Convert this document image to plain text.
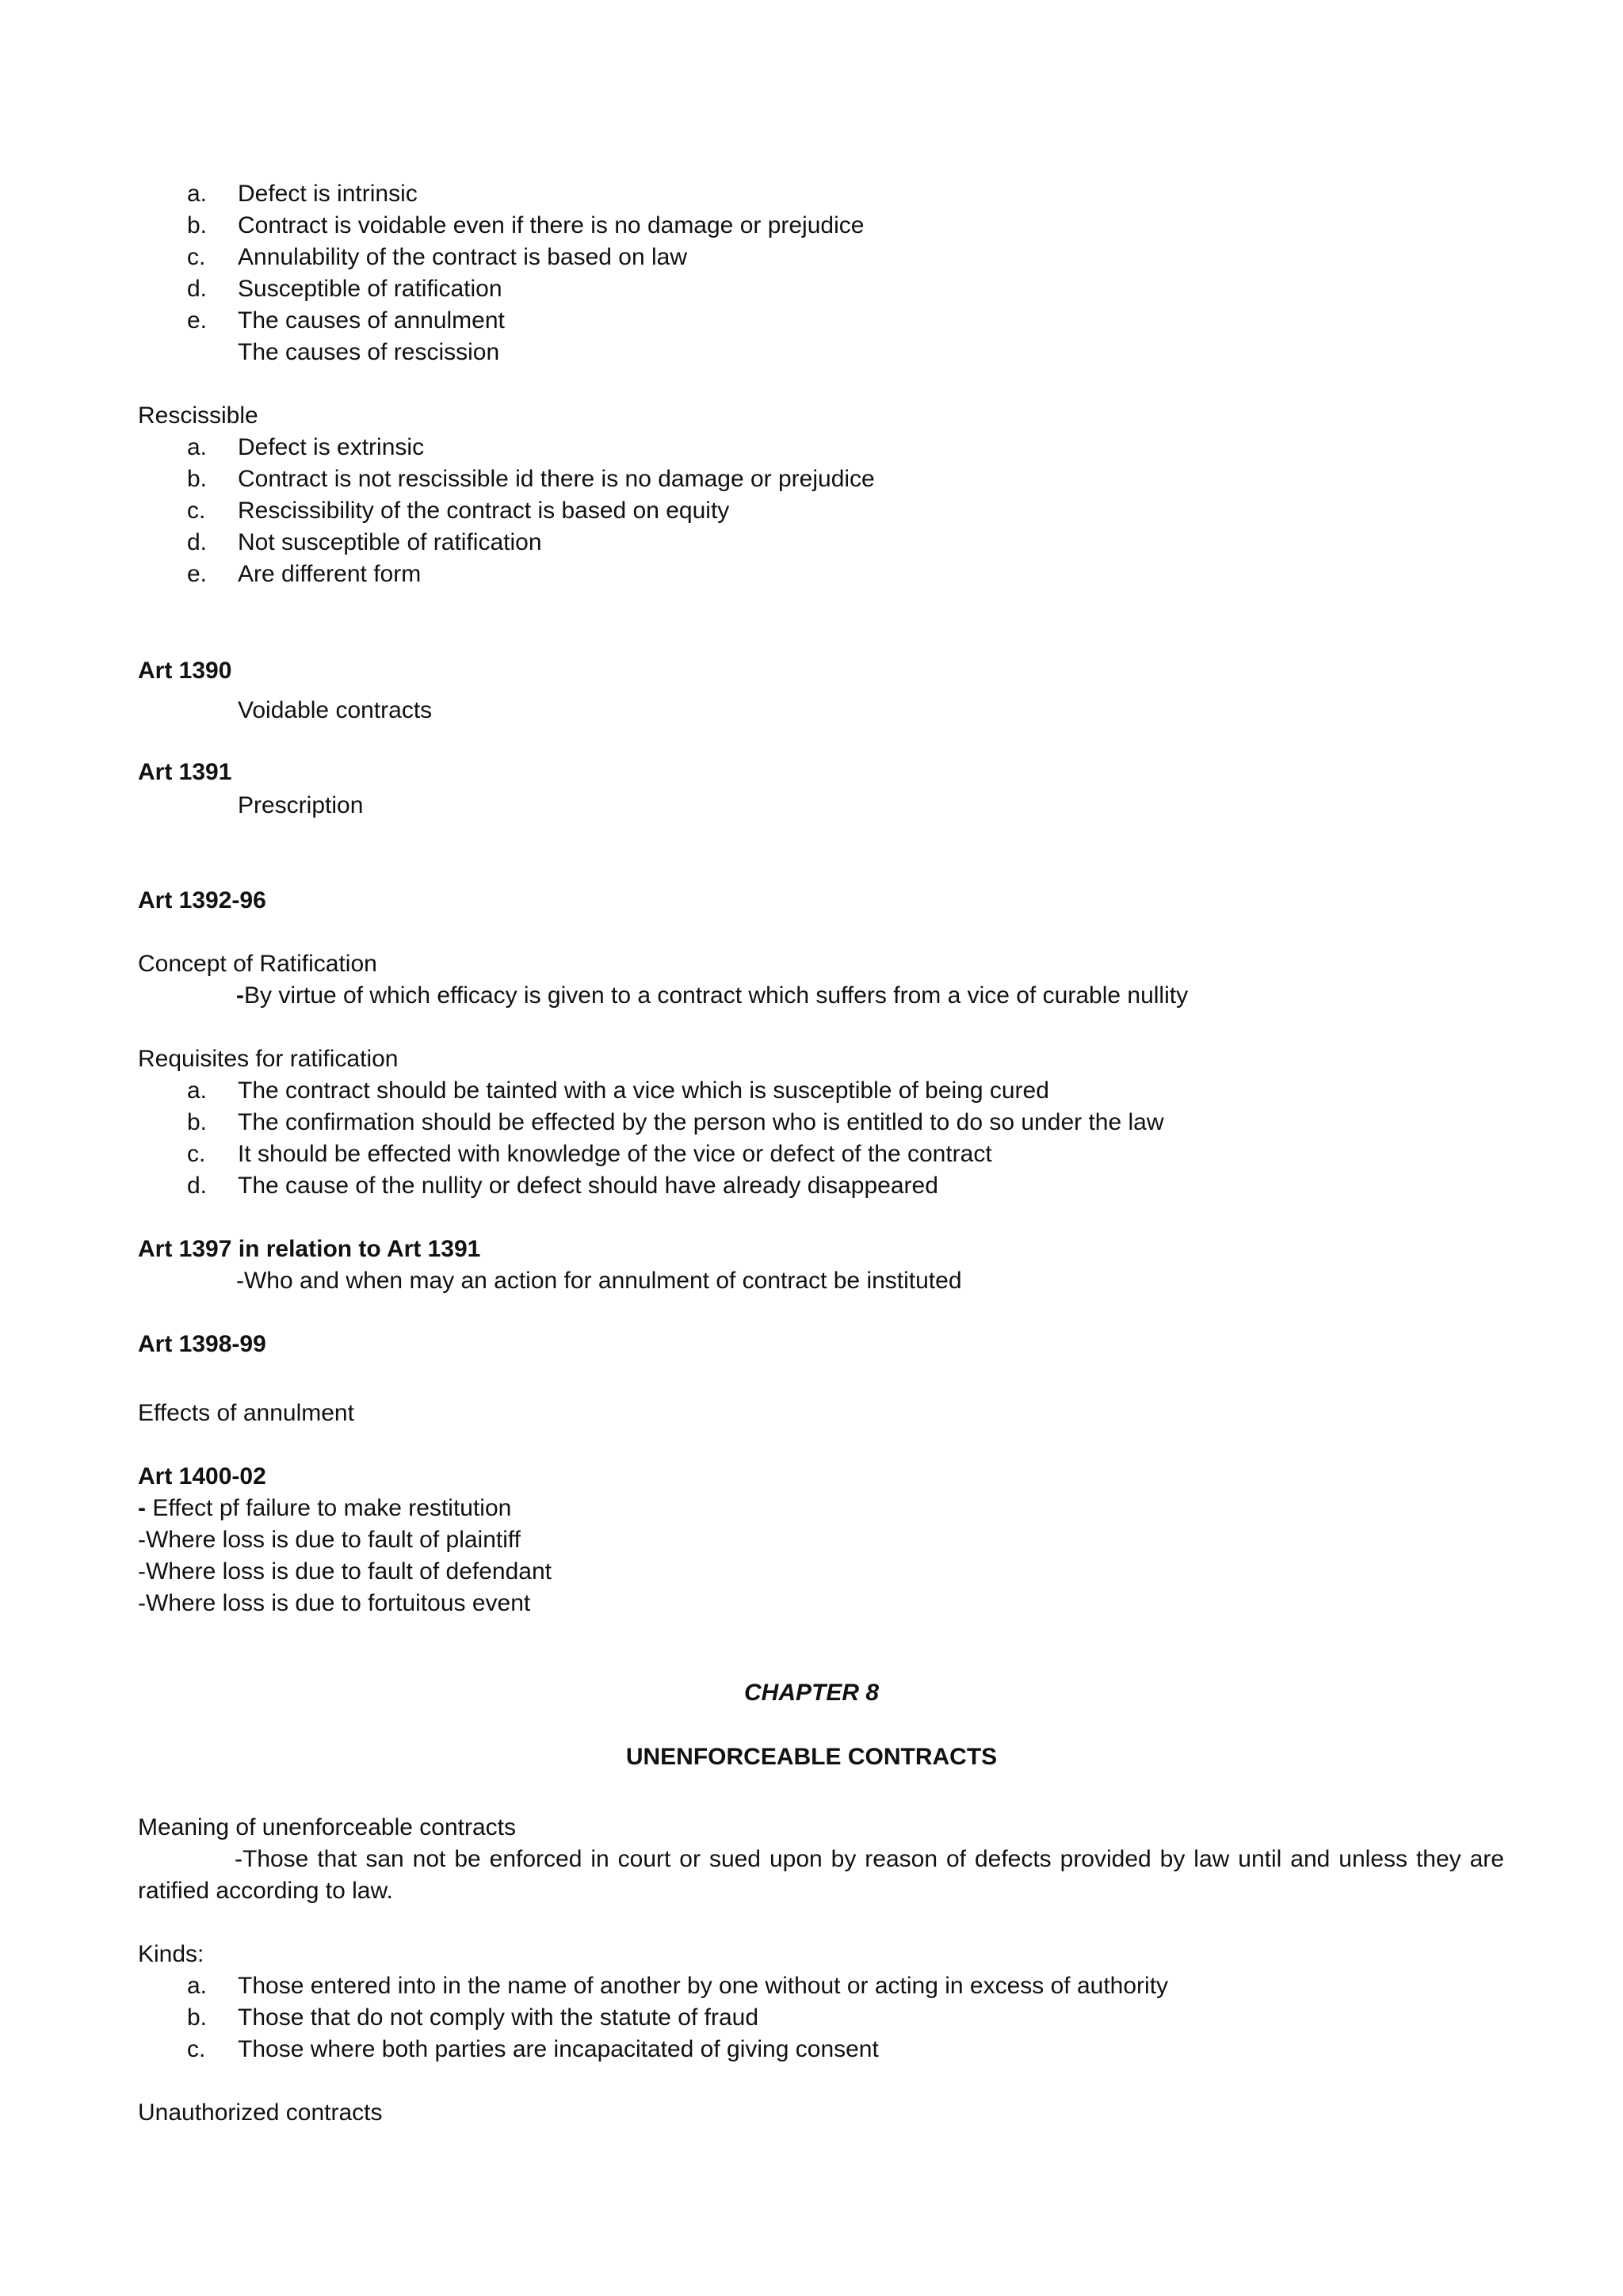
a. Defect is intrinsic
b. Contract is voidable even if there is no damage or prejudice
c. Annulability of the contract is based on law
d. Susceptible of ratification
e. The causes of annulment
The causes of rescission
Rescissible
a. Defect is extrinsic
b. Contract is not rescissible id there is no damage or prejudice
c. Rescissibility of the contract is based on equity
d. Not susceptible of ratification
e. Are different form
Art 1390
Voidable contracts
Art 1391
Prescription
Art 1392-96
Concept of Ratification
-By virtue of which efficacy is given to a contract which suffers from a vice of curable nullity
Requisites for ratification
a. The contract should be tainted with a vice which is susceptible of being cured
b. The confirmation should be effected by the person who is entitled to do so under the law
c. It should be effected with knowledge of the vice or defect of the contract
d. The cause of the nullity or defect should have already disappeared
Art 1397 in relation to Art 1391
-Who and when may an action for annulment of contract be instituted
Art 1398-99
Effects of annulment
Art 1400-02
- Effect pf failure to make restitution
-Where loss is due to fault of plaintiff
-Where loss is due to fault of defendant
-Where loss is due to fortuitous event
CHAPTER 8
UNENFORCEABLE CONTRACTS
Meaning of unenforceable contracts
-Those that san not be enforced in court or sued upon by reason of defects provided by law until and unless they are ratified according to law.
Kinds:
a. Those entered into in the name of another by one without or acting in excess of authority
b. Those that do not comply with the statute of fraud
c. Those where both parties are incapacitated of giving consent
Unauthorized contracts
